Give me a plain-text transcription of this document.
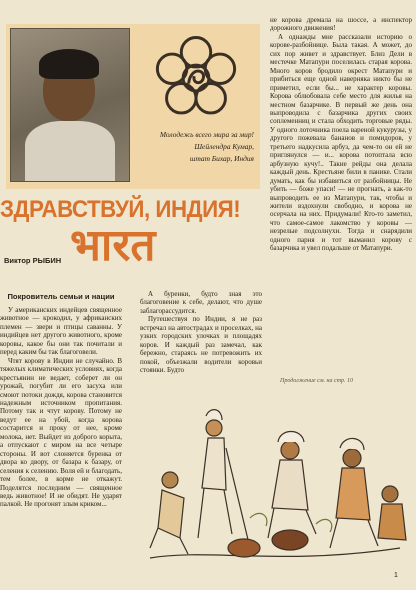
Молодежь всего мира за мир!
Шейлендра Кумар,
штат Бихар, Индия
ЗДРАВСТВУЙ, ИНДИЯ!
भारत
Виктор РЫБИН
Покровитель семьи и нации

У американских индейцев священное животное — крокодил, у африканских племен — звери и птицы саванны. У индийцев нет другого животного, кроме коровы, какое бы они так почитали и перед каким бы так благоговели.

Чтят корову в Индии не случайно. В тяжелых климатических условиях, когда крестьянин не ведает, соберет ли он урожай, погубит ли его засуха или смоют потоки дождя, корова становится надежным источником пропитания. Потому так и чтут корову. Потому не ведут ее на убой, когда корова состарится и проку от нее, кроме молока, нет. Выйдет из доброго корыта, а отпускают с миром на все четыре стороны. И вот слоняется буренка от двора ко двору, от базара к базару, от селения к селению. Воля ей и благодать, тем более, в корме не откажут. Поделятся последним — священное ведь животное! И не обидят. Не ударят палкой. Не прогонят злым криком...

А буренки, будто зная это благоговение к себе, делают, что душе заблагорассудится.

Путешествуя по Индии, я не раз встречал на автострадах и проселках, на узких городских улочках и площадях коров. И каждый раз замечал, как бережно, стараясь не потревожить их покой, объезжали водители коровьи стоянки. Будто

не корова дремала на шоссе, а инспектор дорожного движения!

А однажды мне рассказали историю о корове-разбойнице. Была такая. А может, до сих пор живет и здравствует. Близ Дели в местечке Матапури поселилась старая корова. Много коров бродило окрест Матапури и прибиться еще одной наверняка никто бы не приметил, если бы... не характер коровы. Корова облюбовала себе место для жилья на местном базарчике. В первый же день она выпроводила с базарчика других своих соплеменниц и стала обходить торговые ряды. У одного лоточника поела вареной кукурузы, у другого пожевала бананов и помидоров, у третьего надкусила арбуз, да чем-то он ей не приглянулся — и... корова потоптала всю арбузную кучу!.. Такие рейды она делала каждый день. Крестьяне били в панике. Стали думать, как бы избавиться от разбойницы. Не убить — боже упаси! — не прогнать, а как-то выпроводить ее из Матапури, так, чтобы и жители вздохнули свободно, и корова не осерчала на них. Придумали! Кто-то заметил, что самое-самое лакомство у коровы — незрелые подсолнухи. Тогда и снарядили одного парня и тот выманил корову с базарчика и увел подальше от Матапури.

Продолжение см. на стр. 10
1
